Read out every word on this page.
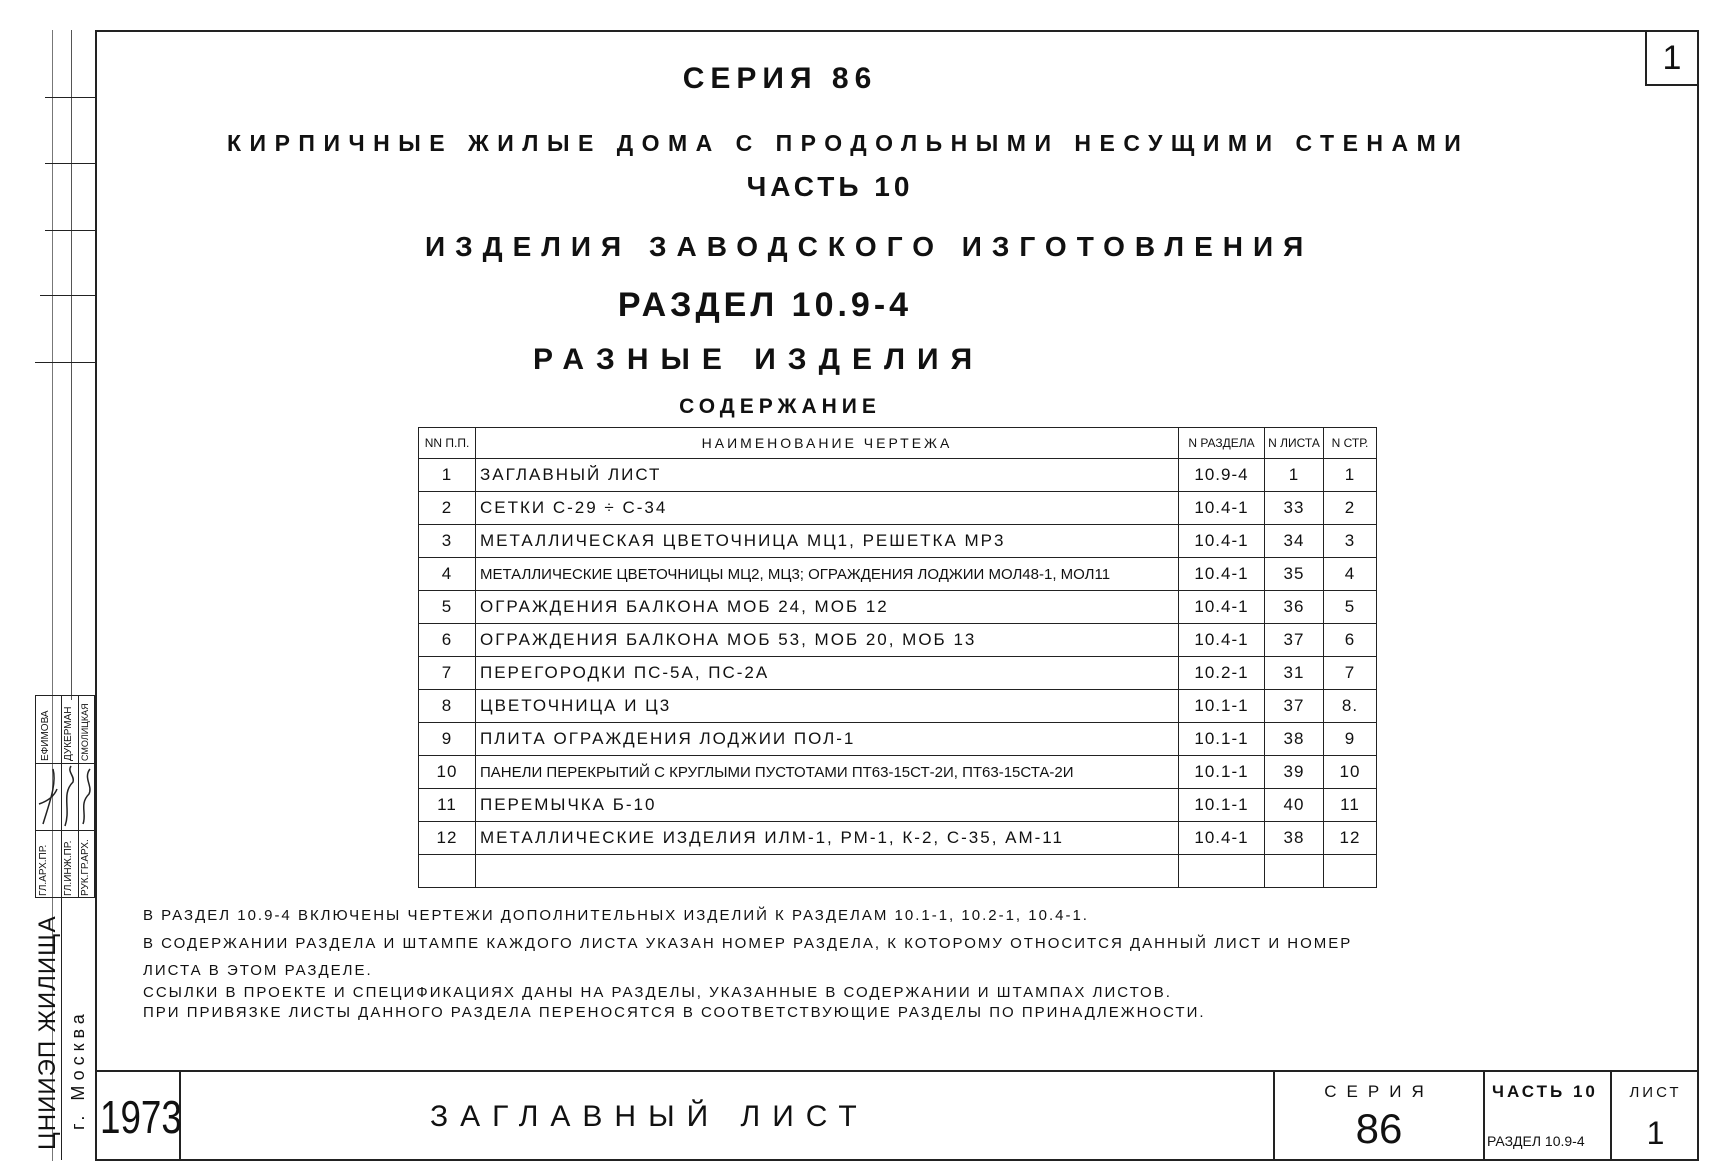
1
ГЛ.АРХ.ПР. ГЛ.ИНЖ.ПР. РУК.ГР.АРХ.
ЕФИМОВА ДУКЕРМАН СМОЛИЦКАЯ
ЦНИИЭП ЖИЛИЩА г. Москва
СЕРИЯ 86
КИРПИЧНЫЕ ЖИЛЫЕ ДОМА С ПРОДОЛЬНЫМИ НЕСУЩИМИ СТЕНАМИ
ЧАСТЬ 10
ИЗДЕЛИЯ ЗАВОДСКОГО ИЗГОТОВЛЕНИЯ
РАЗДЕЛ 10.9-4
РАЗНЫЕ ИЗДЕЛИЯ
СОДЕРЖАНИЕ
NN П.П.	НАИМЕНОВАНИЕ ЧЕРТЕЖА	N РАЗДЕЛА	N ЛИСТА	N СТР.
1	ЗАГЛАВНЫЙ ЛИСТ	10.9-4	1	1
2	СЕТКИ С-29 ÷ С-34	10.4-1	33	2
3	МЕТАЛЛИЧЕСКАЯ ЦВЕТОЧНИЦА МЦ1, РЕШЕТКА МР3	10.4-1	34	3
4	МЕТАЛЛИЧЕСКИЕ ЦВЕТОЧНИЦЫ МЦ2, МЦ3; ОГРАЖДЕНИЯ ЛОДЖИИ МОЛ48-1, МОЛ11	10.4-1	35	4
5	ОГРАЖДЕНИЯ БАЛКОНА МОБ 24, МОБ 12	10.4-1	36	5
6	ОГРАЖДЕНИЯ БАЛКОНА МОБ 53, МОБ 20, МОБ 13	10.4-1	37	6
7	ПЕРЕГОРОДКИ ПС-5А, ПС-2А	10.2-1	31	7
8	ЦВЕТОЧНИЦА И Ц3	10.1-1	37	8.
9	ПЛИТА ОГРАЖДЕНИЯ ЛОДЖИИ ПОЛ-1	10.1-1	38	9
10	ПАНЕЛИ ПЕРЕКРЫТИЙ С КРУГЛЫМИ ПУСТОТАМИ ПТ63-15СТ-2И, ПТ63-15СТА-2И	10.1-1	39	10
11	ПЕРЕМЫЧКА Б-10	10.1-1	40	11
12	МЕТАЛЛИЧЕСКИЕ ИЗДЕЛИЯ ИЛМ-1, РМ-1, К-2, С-35, АМ-11	10.4-1	38	12

В РАЗДЕЛ 10.9-4 ВКЛЮЧЕНЫ ЧЕРТЕЖИ ДОПОЛНИТЕЛЬНЫХ ИЗДЕЛИЙ К РАЗДЕЛАМ 10.1-1, 10.2-1, 10.4-1.
В СОДЕРЖАНИИ РАЗДЕЛА И ШТАМПЕ КАЖДОГО ЛИСТА УКАЗАН НОМЕР РАЗДЕЛА, К КОТОРОМУ ОТНОСИТСЯ ДАННЫЙ ЛИСТ И НОМЕР
ЛИСТА В ЭТОМ РАЗДЕЛЕ.
ССЫЛКИ В ПРОЕКТЕ И СПЕЦИФИКАЦИЯХ ДАНЫ НА РАЗДЕЛЫ, УКАЗАННЫЕ В СОДЕРЖАНИИ И ШТАМПАХ ЛИСТОВ.
ПРИ ПРИВЯЗКЕ ЛИСТЫ ДАННОГО РАЗДЕЛА ПЕРЕНОСЯТСЯ В СООТВЕТСТВУЮЩИЕ РАЗДЕЛЫ ПО ПРИНАДЛЕЖНОСТИ.
1973	ЗАГЛАВНЫЙ ЛИСТ
СЕРИЯ
86
ЧАСТЬ 10
РАЗДЕЛ 10.9-4
ЛИСТ
1
